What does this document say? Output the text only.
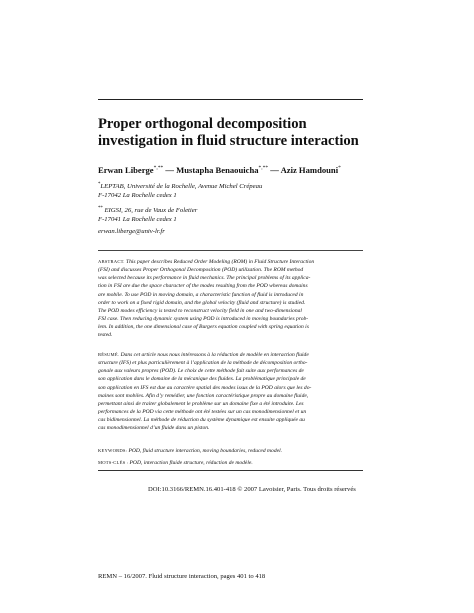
Proper orthogonal decomposition
investigation in fluid structure interaction
Erwan Liberge*,** — Mustapha Benaouicha*,** — Aziz Hamdouni*
*LEPTAB, Université de la Rochelle, Avenue Michel Crépeau
F-17042 La Rochelle cedex 1
** EIGSI, 26, rue de Vaux de Foletier
F-17041 La Rochelle cedex 1
erwan.liberge@univ-lr.fr
ABSTRACT. This paper describes Reduced Order Modeling (ROM) in Fluid Structure Interaction
(FSI) and discusses Proper Orthogonal Decomposition (POD) utilization. The ROM method
was selected because its performance in fluid mechanics. The principal problems of its applica-
tion in FSI are due the space character of the modes resulting from the POD whereas domains
are mobile. To use POD in moving domain, a characteristic function of fluid is introduced in
order to work on a fixed rigid domain, and the global velocity (fluid and structure) is studied.
The POD modes efficiency is tested to reconstruct velocity field in one and two-dimensional
FSI case. Then reducing dynamic system using POD is introduced in moving boundaries prob-
lem. In addition, the one dimensional case of Burgers equation coupled with spring equation is
tested.
RÉSUMÉ. Dans cet article nous nous intéressons à la réduction de modèle en interaction fluide
structure (IFS) et plus particulièrement à l’application de la méthode de décomposition ortho-
gonale aux valeurs propres (POD). Le choix de cette méthode fait suite aux performances de
son application dans le domaine de la mécanique des fluides. La problématique principale de
son application en IFS est due au caractère spatial des modes issus de la POD alors que les do-
maines sont mobiles. Afin d’y remédier, une fonction caractéristique propre au domaine fluide,
permettant ainsi de traiter globalement le problème sur un domaine fixe a été introduite. Les
performances de la POD via cette méthode ont été testées sur un cas monodimensionnel et un
cas bidimensionnel. La méthode de réduction du système dynamique est ensuite appliquée au
cas monodimensionnel d’un fluide dans un piston.
KEYWORDS: POD, fluid structure interaction, moving boundaries, reduced model.
MOTS-CLÉS : POD, interaction fluide structure, réduction de modèle.
DOI:10.3166/REMN.16.401-418 © 2007 Lavoisier, Paris. Tous droits réservés
REMN – 16/2007. Fluid structure interaction, pages 401 to 418
